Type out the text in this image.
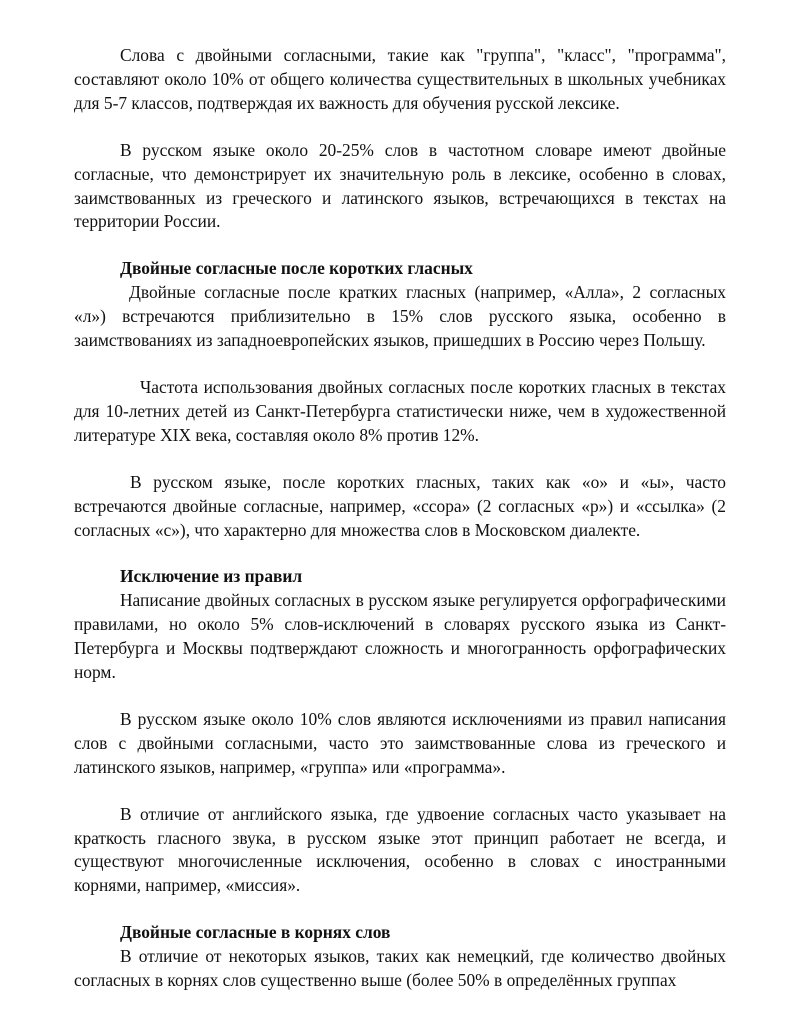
Слова с двойными согласными, такие как "группа", "класс", "программа", составляют около 10% от общего количества существительных в школьных учебниках для 5-7 классов, подтверждая их важность для обучения русской лексике.

В русском языке около 20-25% слов в частотном словаре имеют двойные согласные, что демонстрирует их значительную роль в лексике, особенно в словах, заимствованных из греческого и латинского языков, встречающихся в текстах на территории России.

Двойные согласные после коротких гласных

Двойные согласные после кратких гласных (например, «Алла», 2 согласных «л») встречаются приблизительно в 15% слов русского языка, особенно в заимствованиях из западноевропейских языков, пришедших в Россию через Польшу.

Частота использования двойных согласных после коротких гласных в текстах для 10-летних детей из Санкт-Петербурга статистически ниже, чем в художественной литературе XIX века, составляя около 8% против 12%.

В русском языке, после коротких гласных, таких как «о» и «ы», часто встречаются двойные согласные, например, «ссора» (2 согласных «р») и «ссылка» (2 согласных «с»), что характерно для множества слов в Московском диалекте.

Исключение из правил

Написание двойных согласных в русском языке регулируется орфографическими правилами, но около 5% слов-исключений в словарях русского языка из Санкт-Петербурга и Москвы подтверждают сложность и многогранность орфографических норм.

В русском языке около 10% слов являются исключениями из правил написания слов с двойными согласными, часто это заимствованные слова из греческого и латинского языков, например, «группа» или «программа».

В отличие от английского языка, где удвоение согласных часто указывает на краткость гласного звука, в русском языке этот принцип работает не всегда, и существуют многочисленные исключения, особенно в словах с иностранными корнями, например, «миссия».

Двойные согласные в корнях слов

В отличие от некоторых языков, таких как немецкий, где количество двойных согласных в корнях слов существенно выше (более 50% в определённых группах
